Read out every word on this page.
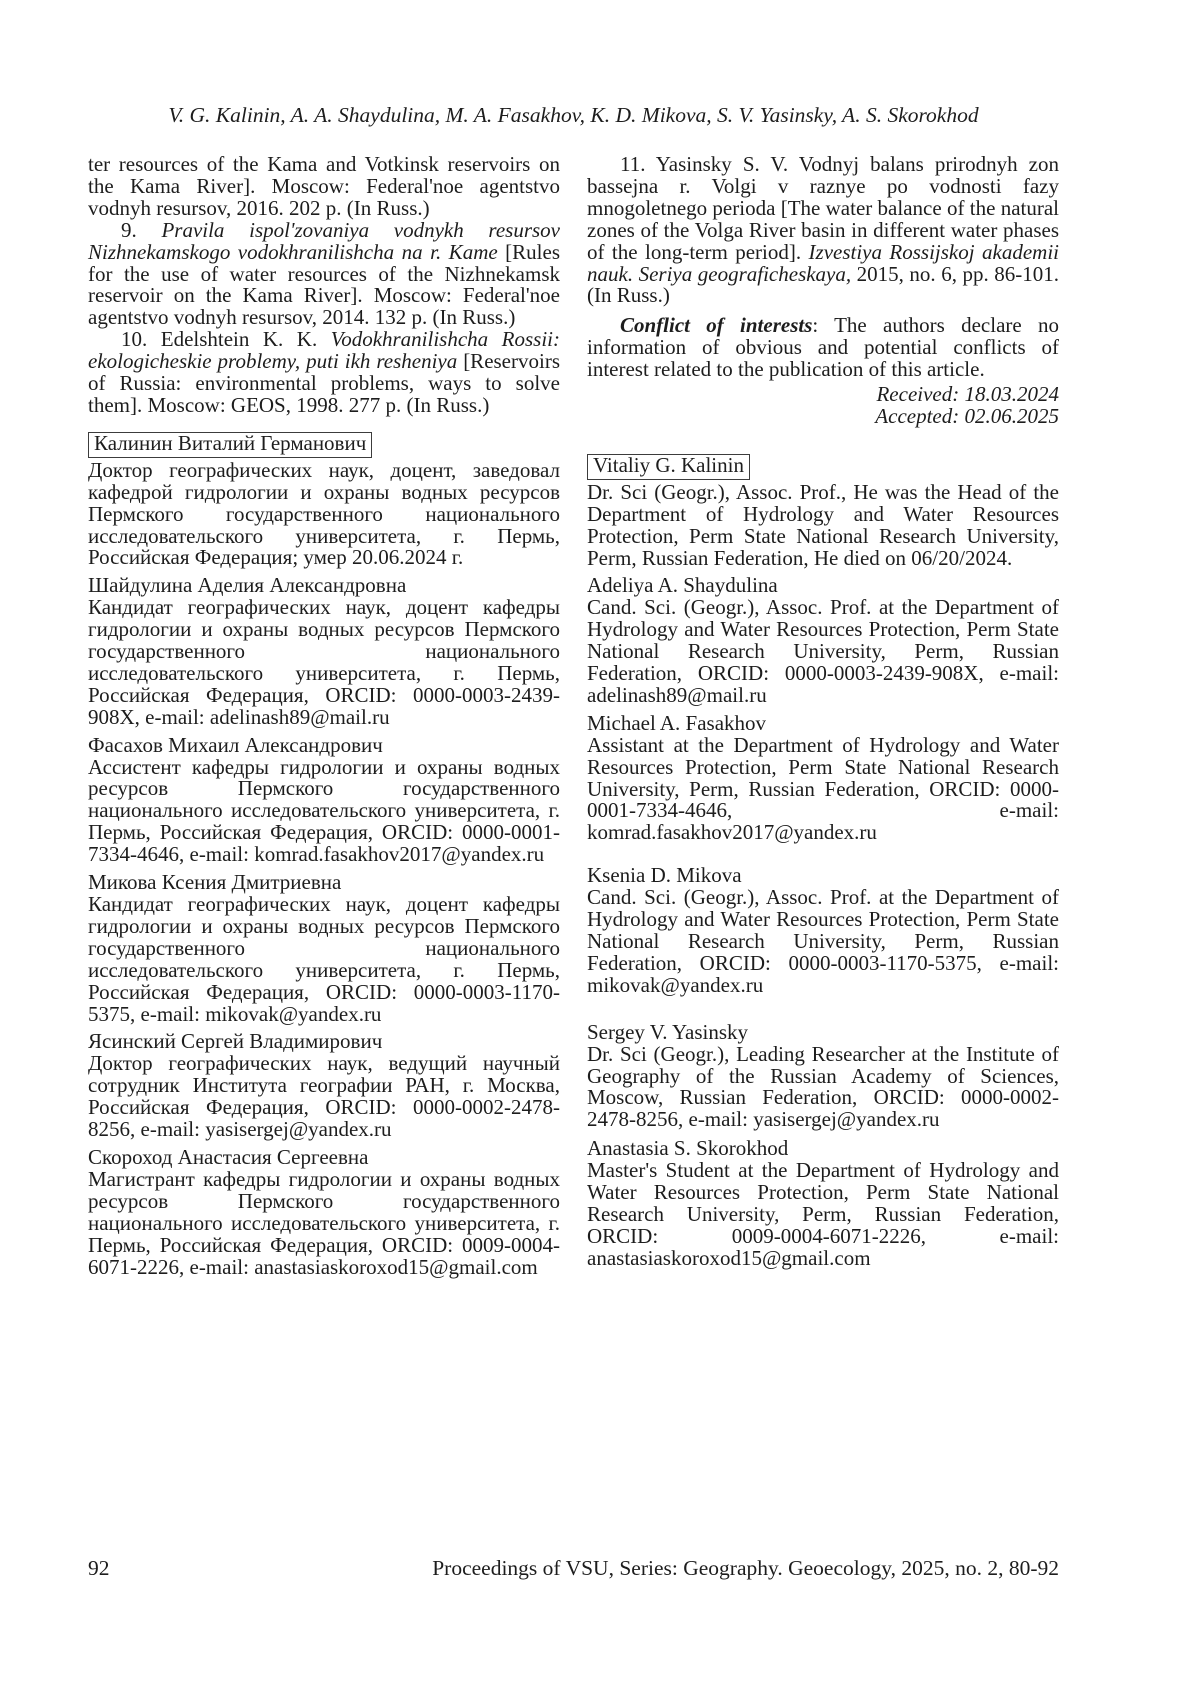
V. G. Kalinin, A. A. Shaydulina, M. A. Fasakhov, K. D. Mikova, S. V. Yasinsky, A. S. Skorokhod

ter resources of the Kama and Votkinsk reservoirs on the Kama River]. Moscow: Federal'noe agentstvo vodnyh resursov, 2016. 202 p. (In Russ.)

9. Pravila ispol'zovaniya vodnykh resursov Nizhnekamskogo vodokhranilishcha na r. Kame [Rules for the use of water resources of the Nizhnekamsk reservoir on the Kama River]. Moscow: Federal'noe agentstvo vodnyh resursov, 2014. 132 p. (In Russ.)

10. Edelshtein K. K. Vodokhranilishcha Rossii: ekologicheskie problemy, puti ikh resheniya [Reservoirs of Russia: environmental problems, ways to solve them]. Moscow: GEOS, 1998. 277 p. (In Russ.)

Калинин Виталий Германович

Доктор географических наук, доцент, заведовал кафедрой гидрологии и охраны водных ресурсов Пермского государственного национального исследовательского университета, г. Пермь, Российская Федерация; умер 20.06.2024 г.

Шайдулина Аделия Александровна

Кандидат географических наук, доцент кафедры гидрологии и охраны водных ресурсов Пермского государственного национального исследовательского университета, г. Пермь, Российская Федерация, ORCID: 0000-0003-2439-908X, e-mail: adelinash89@mail.ru

Фасахов Михаил Александрович

Ассистент кафедры гидрологии и охраны водных ресурсов Пермского государственного национального исследовательского университета, г. Пермь, Российская Федерация, ORCID: 0000-0001-7334-4646, e-mail: komrad.fasakhov2017@yandex.ru

Микова Ксения Дмитриевна

Кандидат географических наук, доцент кафедры гидрологии и охраны водных ресурсов Пермского государственного национального исследовательского университета, г. Пермь, Российская Федерация, ORCID: 0000-0003-1170-5375, e-mail: mikovak@yandex.ru

Ясинский Сергей Владимирович

Доктор географических наук, ведущий научный сотрудник Института географии РАН, г. Москва, Российская Федерация, ORCID: 0000-0002-2478-8256, e-mail: yasisergej@yandex.ru

Скороход Анастасия Сергеевна

Магистрант кафедры гидрологии и охраны водных ресурсов Пермского государственного национального исследовательского университета, г. Пермь, Российская Федерация, ORCID: 0009-0004-6071-2226, e-mail: anastasiaskoroxod15@gmail.com

11. Yasinsky S. V. Vodnyj balans prirodnyh zon bassejna r. Volgi v raznye po vodnosti fazy mnogoletnego perioda [The water balance of the natural zones of the Volga River basin in different water phases of the long-term period]. Izvestiya Rossijskoj akademii nauk. Seriya geograficheskaya, 2015, no. 6, pp. 86-101. (In Russ.)

Conflict of interests: The authors declare no information of obvious and potential conflicts of interest related to the publication of this article.

Received: 18.03.2024
Accepted: 02.06.2025
Vitaliy G. Kalinin

Dr. Sci (Geogr.), Assoc. Prof., He was the Head of the Department of Hydrology and Water Resources Protection, Perm State National Research University, Perm, Russian Federation, He died on 06/20/2024.

Adeliya A. Shaydulina

Cand. Sci. (Geogr.), Assoc. Prof. at the Department of Hydrology and Water Resources Protection, Perm State National Research University, Perm, Russian Federation, ORCID: 0000-0003-2439-908X, e-mail: adelinash89@mail.ru

Michael A. Fasakhov

Assistant at the Department of Hydrology and Water Resources Protection, Perm State National Research University, Perm, Russian Federation, ORCID: 0000-0001-7334-4646, e-mail: komrad.fasakhov2017@yandex.ru

Ksenia D. Mikova

Cand. Sci. (Geogr.), Assoc. Prof. at the Department of Hydrology and Water Resources Protection, Perm State National Research University, Perm, Russian Federation, ORCID: 0000-0003-1170-5375, e-mail: mikovak@yandex.ru

Sergey V. Yasinsky

Dr. Sci (Geogr.), Leading Researcher at the Institute of Geography of the Russian Academy of Sciences, Moscow, Russian Federation, ORCID: 0000-0002-2478-8256, e-mail: yasisergej@yandex.ru

Anastasia S. Skorokhod

Master's Student at the Department of Hydrology and Water Resources Protection, Perm State National Research University, Perm, Russian Federation, ORCID: 0009-0004-6071-2226, e-mail: anastasiaskoroxod15@gmail.com

92	Proceedings of VSU, Series: Geography. Geoecology, 2025, no. 2, 80-92
